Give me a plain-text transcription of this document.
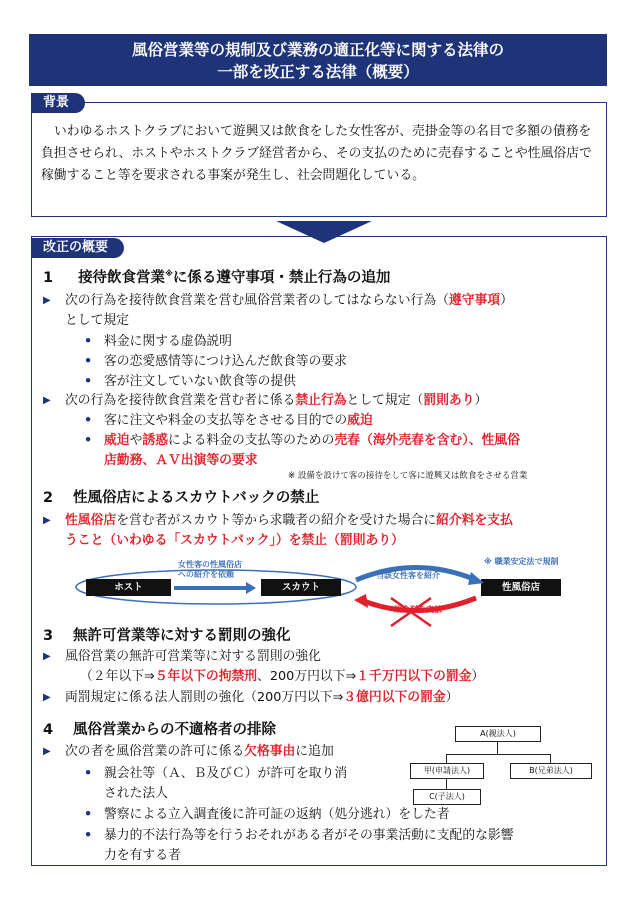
風俗営業等の規制及び業務の適正化等に関する法律の
一部を改正する法律（概要）
背景
いわゆるホストクラブにおいて遊興又は飲食をした女性客が、売掛金等の名目で多額の債務を負担させられ、ホストやホストクラブ経営者から、その支払のために売春することや性風俗店で稼働すること等を要求される事案が発生し、社会問題化している。
改正の概要
1 接待飲食営業※に係る遵守事項・禁止行為の追加
▶ 次の行為を接待飲食営業を営む風俗営業者のしてはならない行為（遵守事項）
として規定
• 料金に関する虚偽説明
• 客の恋愛感情等につけ込んだ飲食等の要求
• 客が注文していない飲食等の提供
▶ 次の行為を接待飲食営業を営む者に係る禁止行為として規定（罰則あり）
• 客に注文や料金の支払等をさせる目的での威迫
• 威迫や誘惑による料金の支払等のための売春（海外売春を含む）、性風俗
店勤務、ＡＶ出演等の要求
※ 設備を設けて客の接待をして客に遊興又は飲食をさせる営業
2 性風俗店によるスカウトバックの禁止
▶ 性風俗店を営む者がスカウト等から求職者の紹介を受けた場合に紹介料を支払
うこと（いわゆる「スカウトバック」）を禁止（罰則あり）
ホスト	スカウト	性風俗店
女性客の性風俗店
への紹介を依頼	当該女性客を紹介
紹介料を支払
※ 職業安定法で規制
3 無許可営業等に対する罰則の強化
▶ 風俗営業の無許可営業等に対する罰則の強化
（２年以下⇒５年以下の拘禁刑、200万円以下⇒１千万円以下の罰金）
▶ 両罰規定に係る法人罰則の強化（200万円以下⇒３億円以下の罰金）
4 風俗営業からの不適格者の排除
▶ 次の者を風俗営業の許可に係る欠格事由に追加
• 親会社等（Ａ、Ｂ及びＣ）が許可を取り消
された法人
• 警察による立入調査後に許可証の返納（処分逃れ）をした者
• 暴力的不法行為等を行うおそれがある者がその事業活動に支配的な影響
力を有する者
A(親法人)
甲(申請法人)	B(兄弟法人)
C(子法人)
